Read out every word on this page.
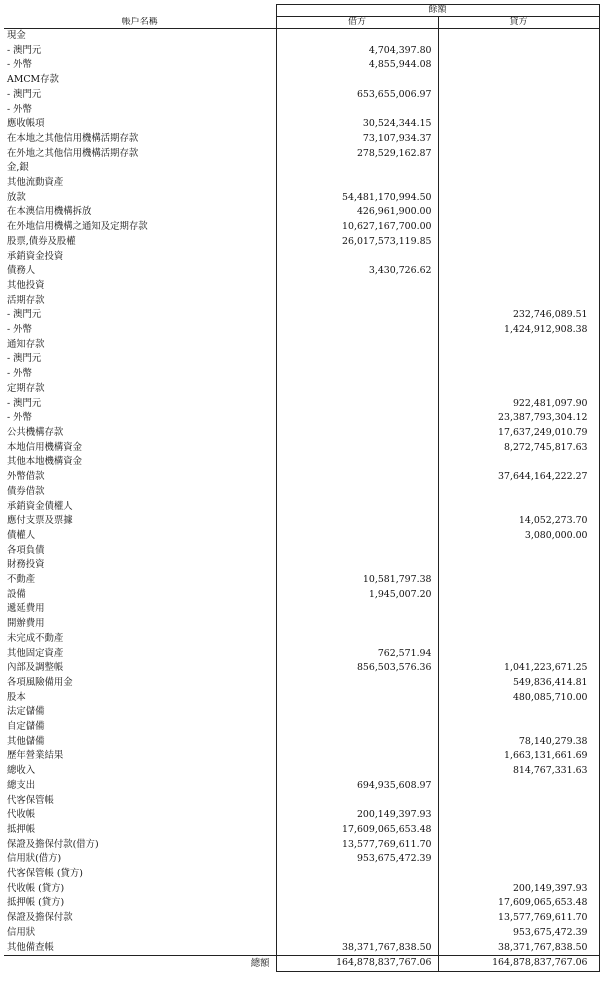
	餘額	
帳戶名稱	借方	貸方
現金		
- 澳門元	4,704,397.80	
- 外幣	4,855,944.08	
AMCM存款		
- 澳門元	653,655,006.97	
- 外幣		
應收帳項	30,524,344.15	
在本地之其他信用機構活期存款	73,107,934.37	
在外地之其他信用機構活期存款	278,529,162.87	
金,銀		
其他流動資產		
放款	54,481,170,994.50	
在本澳信用機構拆放	426,961,900.00	
在外地信用機構之通知及定期存款	10,627,167,700.00	
股票,債券及股權	26,017,573,119.85	
承銷資金投資		
債務人	3,430,726.62	
其他投資		
活期存款		
- 澳門元		232,746,089.51
- 外幣		1,424,912,908.38
通知存款		
- 澳門元		
- 外幣		
定期存款		
- 澳門元		922,481,097.90
- 外幣		23,387,793,304.12
公共機構存款		17,637,249,010.79
本地信用機構資金		8,272,745,817.63
其他本地機構資金		
外幣借款		37,644,164,222.27
債券借款		
承銷資金債權人		
應付支票及票據		14,052,273.70
債權人		3,080,000.00
各項負債		
財務投資		
不動產	10,581,797.38	
設備	1,945,007.20	
遞延費用		
開辦費用		
未完成不動產		
其他固定資產	762,571.94	
內部及調整帳	856,503,576.36	1,041,223,671.25
各項風險備用金		549,836,414.81
股本		480,085,710.00
法定儲備		
自定儲備		
其他儲備		78,140,279.38
歷年營業結果		1,663,131,661.69
總收入		814,767,331.63
總支出	694,935,608.97	
代客保管帳		
代收帳	200,149,397.93	
抵押帳	17,609,065,653.48	
保證及擔保付款(借方)	13,577,769,611.70	
信用狀(借方)	953,675,472.39	
代客保管帳 (貸方)		
代收帳 (貸方)		200,149,397.93
抵押帳 (貸方)		17,609,065,653.48
保證及擔保付款		13,577,769,611.70
信用狀		953,675,472.39
其他備查帳	38,371,767,838.50	38,371,767,838.50
總額	164,878,837,767.06	164,878,837,767.06
